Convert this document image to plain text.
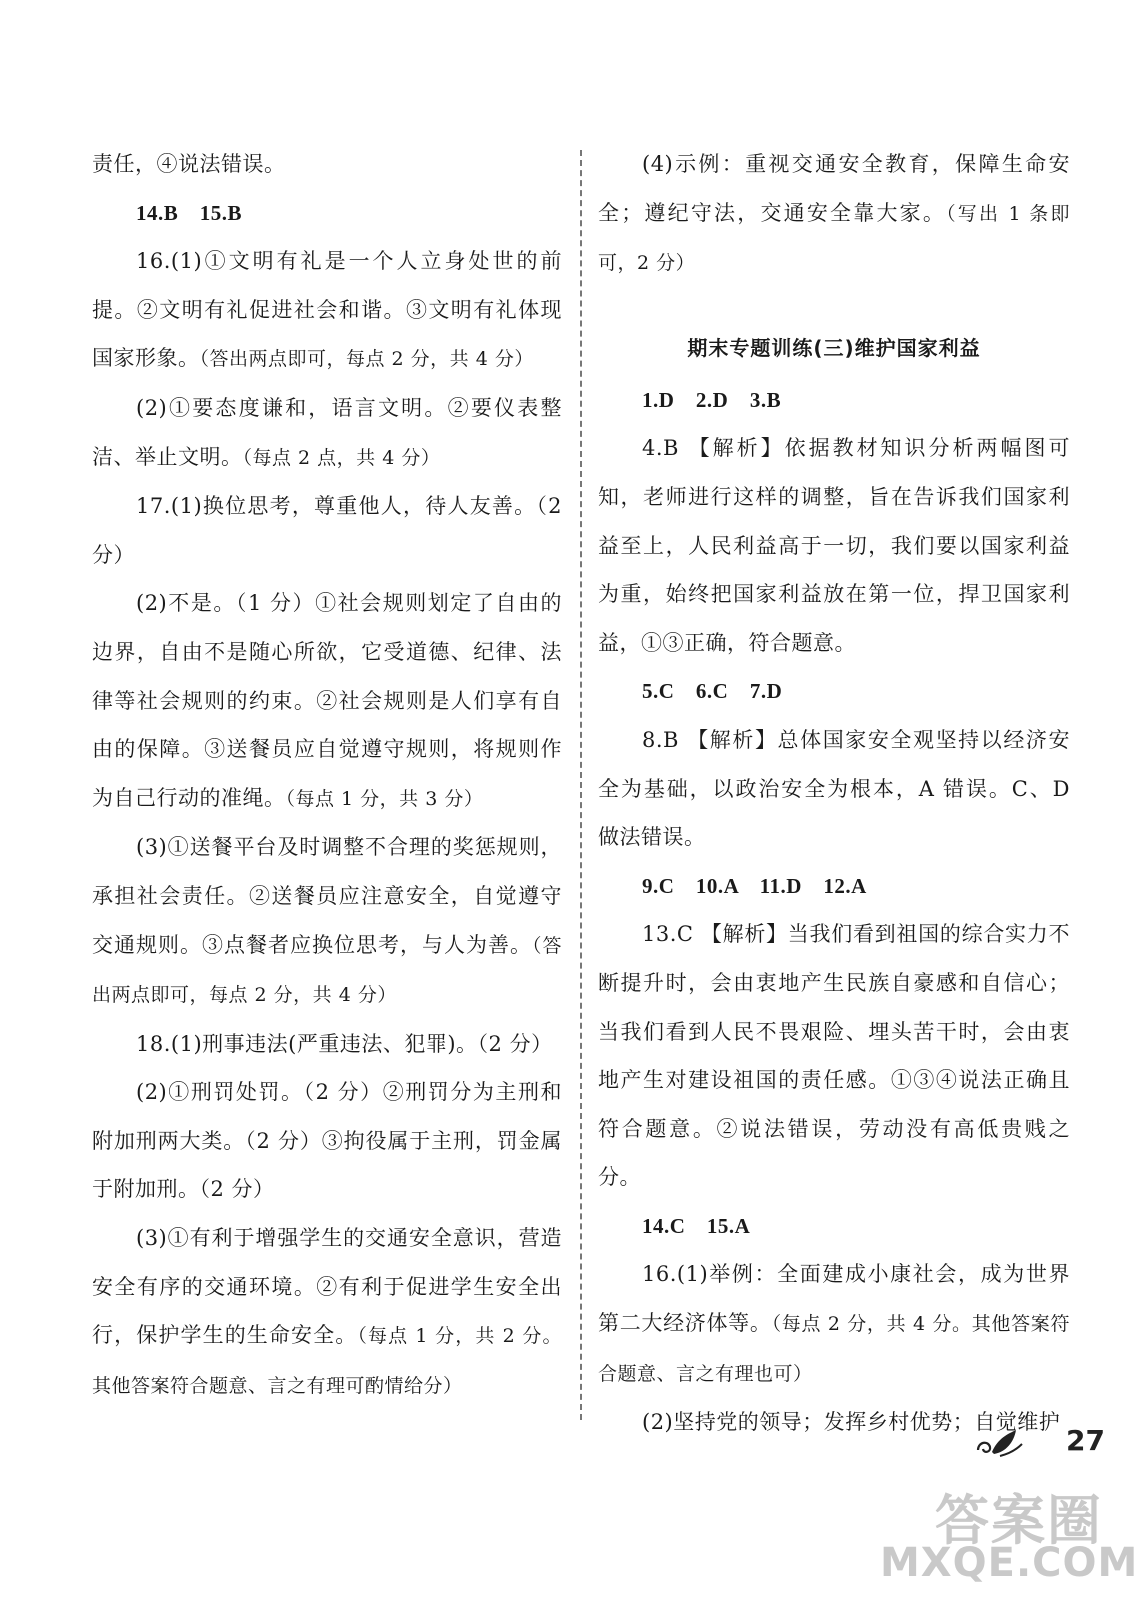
责任，④说法错误。

14.B　15.B

16.(1)①文明有礼是一个人立身处世的前提。②文明有礼促进社会和谐。③文明有礼体现国家形象。（答出两点即可，每点 2 分，共 4 分）

(2)①要态度谦和，语言文明。②要仪表整洁、举止文明。（每点 2 点，共 4 分）

17.(1)换位思考，尊重他人，待人友善。（2 分）

(2)不是。（1 分）①社会规则划定了自由的边界，自由不是随心所欲，它受道德、纪律、法律等社会规则的约束。②社会规则是人们享有自由的保障。③送餐员应自觉遵守规则，将规则作为自己行动的准绳。（每点 1 分，共 3 分）

(3)①送餐平台及时调整不合理的奖惩规则，承担社会责任。②送餐员应注意安全，自觉遵守交通规则。③点餐者应换位思考，与人为善。（答出两点即可，每点 2 分，共 4 分）

18.(1)刑事违法(严重违法、犯罪)。（2 分）

(2)①刑罚处罚。（2 分）②刑罚分为主刑和附加刑两大类。（2 分）③拘役属于主刑，罚金属于附加刑。（2 分）

(3)①有利于增强学生的交通安全意识，营造安全有序的交通环境。②有利于促进学生安全出行，保护学生的生命安全。（每点 1 分，共 2 分。其他答案符合题意、言之有理可酌情给分）

(4)示例：重视交通安全教育，保障生命安全；遵纪守法，交通安全靠大家。（写出 1 条即可，2 分）

期末专题训练(三)维护国家利益

1.D　2.D　3.B

4.B 【解析】依据教材知识分析两幅图可知，老师进行这样的调整，旨在告诉我们国家利益至上，人民利益高于一切，我们要以国家利益为重，始终把国家利益放在第一位，捍卫国家利益，①③正确，符合题意。

5.C　6.C　7.D

8.B 【解析】总体国家安全观坚持以经济安全为基础，以政治安全为根本，A 错误。C、D 做法错误。

9.C　10.A　11.D　12.A

13.C 【解析】当我们看到祖国的综合实力不断提升时，会由衷地产生民族自豪感和自信心；当我们看到人民不畏艰险、埋头苦干时，会由衷地产生对建设祖国的责任感。①③④说法正确且符合题意。②说法错误，劳动没有高低贵贱之分。

14.C　15.A

16.(1)举例：全面建成小康社会，成为世界第二大经济体等。（每点 2 分，共 4 分。其他答案符合题意、言之有理也可）

(2)坚持党的领导；发挥乡村优势；自觉维护

27
答案圈
MXQE.COM
